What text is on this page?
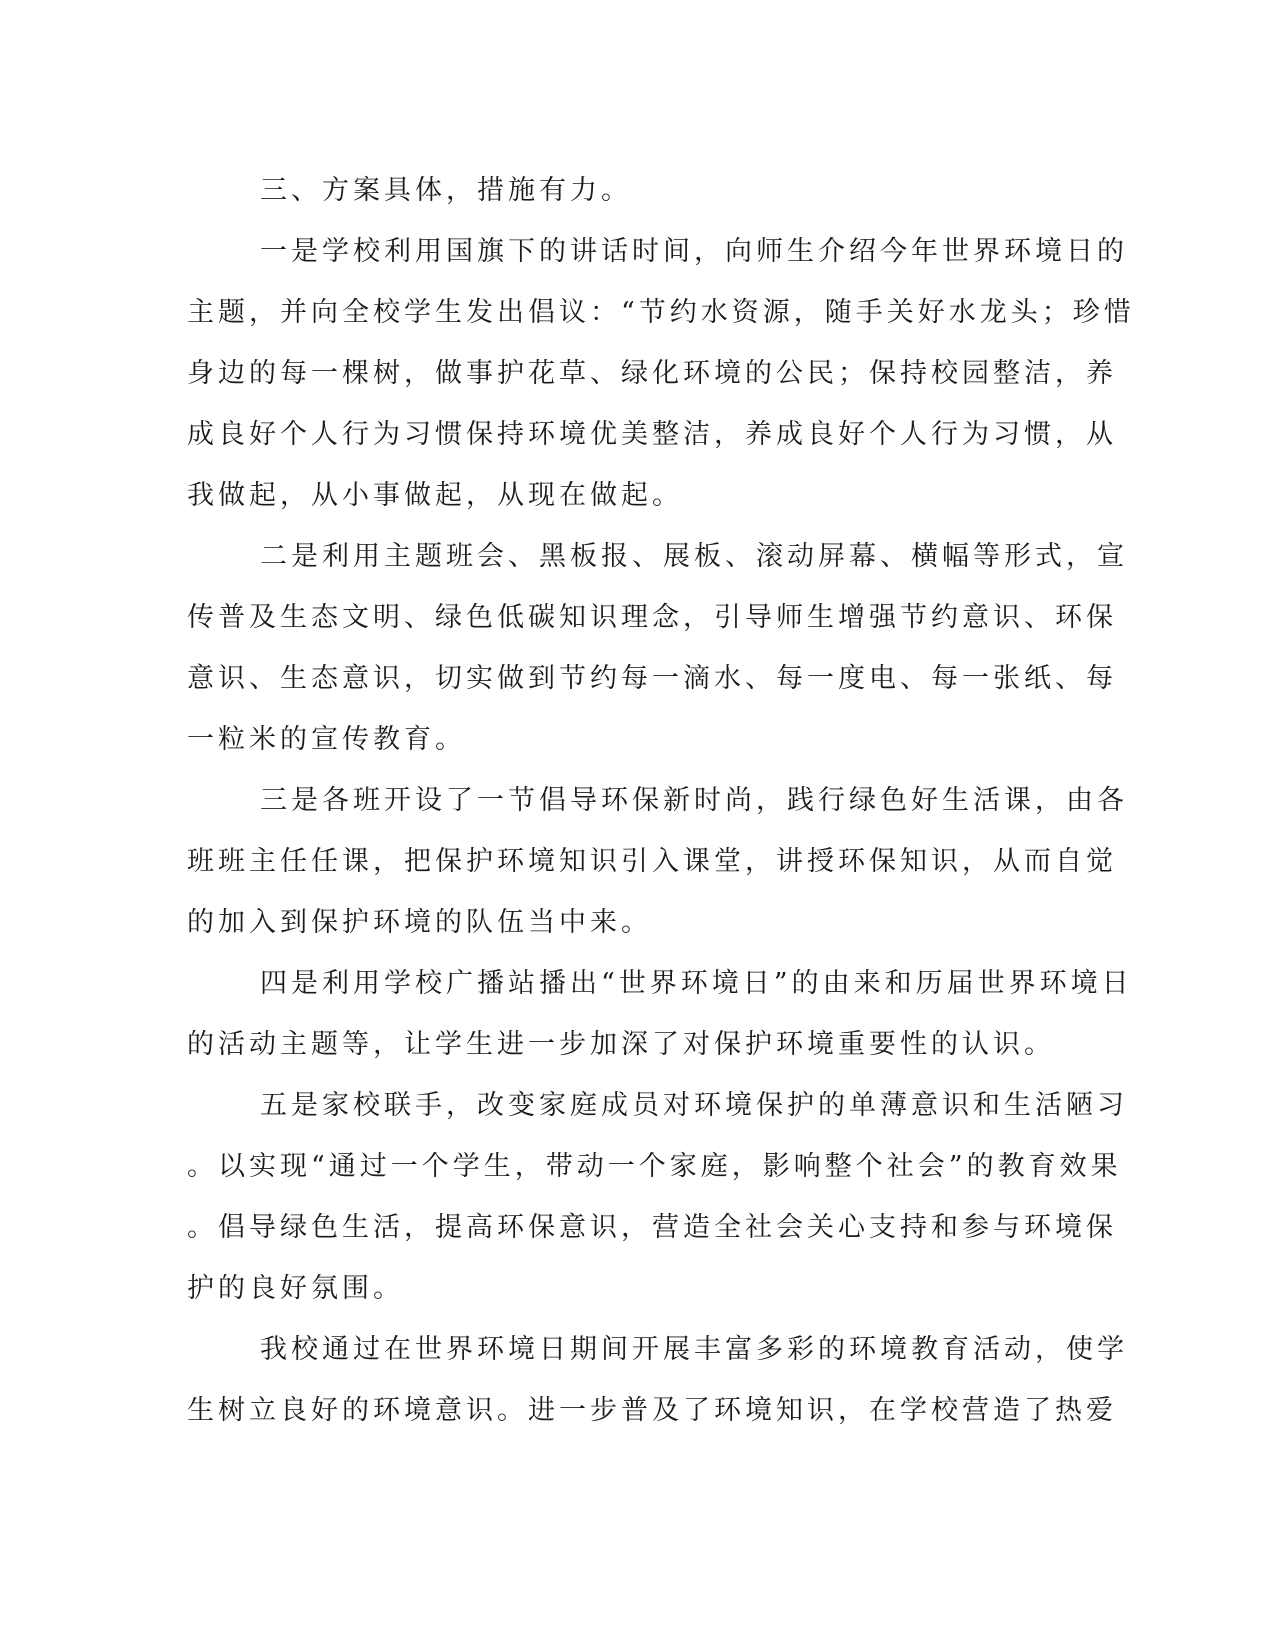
三、方案具体，措施有力。
一是学校利用国旗下的讲话时间，向师生介绍今年世界环境日的
主题，并向全校学生发出倡议：“节约水资源，随手关好水龙头；珍惜
身边的每一棵树，做事护花草、绿化环境的公民；保持校园整洁，养
成良好个人行为习惯保持环境优美整洁，养成良好个人行为习惯，从
我做起，从小事做起，从现在做起。
二是利用主题班会、黑板报、展板、滚动屏幕、横幅等形式，宣
传普及生态文明、绿色低碳知识理念，引导师生增强节约意识、环保
意识、生态意识，切实做到节约每一滴水、每一度电、每一张纸、每
一粒米的宣传教育。
三是各班开设了一节倡导环保新时尚，践行绿色好生活课，由各
班班主任任课，把保护环境知识引入课堂，讲授环保知识，从而自觉
的加入到保护环境的队伍当中来。
四是利用学校广播站播出“世界环境日”的由来和历届世界环境日
的活动主题等，让学生进一步加深了对保护环境重要性的认识。
五是家校联手，改变家庭成员对环境保护的单薄意识和生活陋习
。以实现“通过一个学生，带动一个家庭，影响整个社会”的教育效果
。倡导绿色生活，提高环保意识，营造全社会关心支持和参与环境保
护的良好氛围。
我校通过在世界环境日期间开展丰富多彩的环境教育活动，使学
生树立良好的环境意识。进一步普及了环境知识，在学校营造了热爱
